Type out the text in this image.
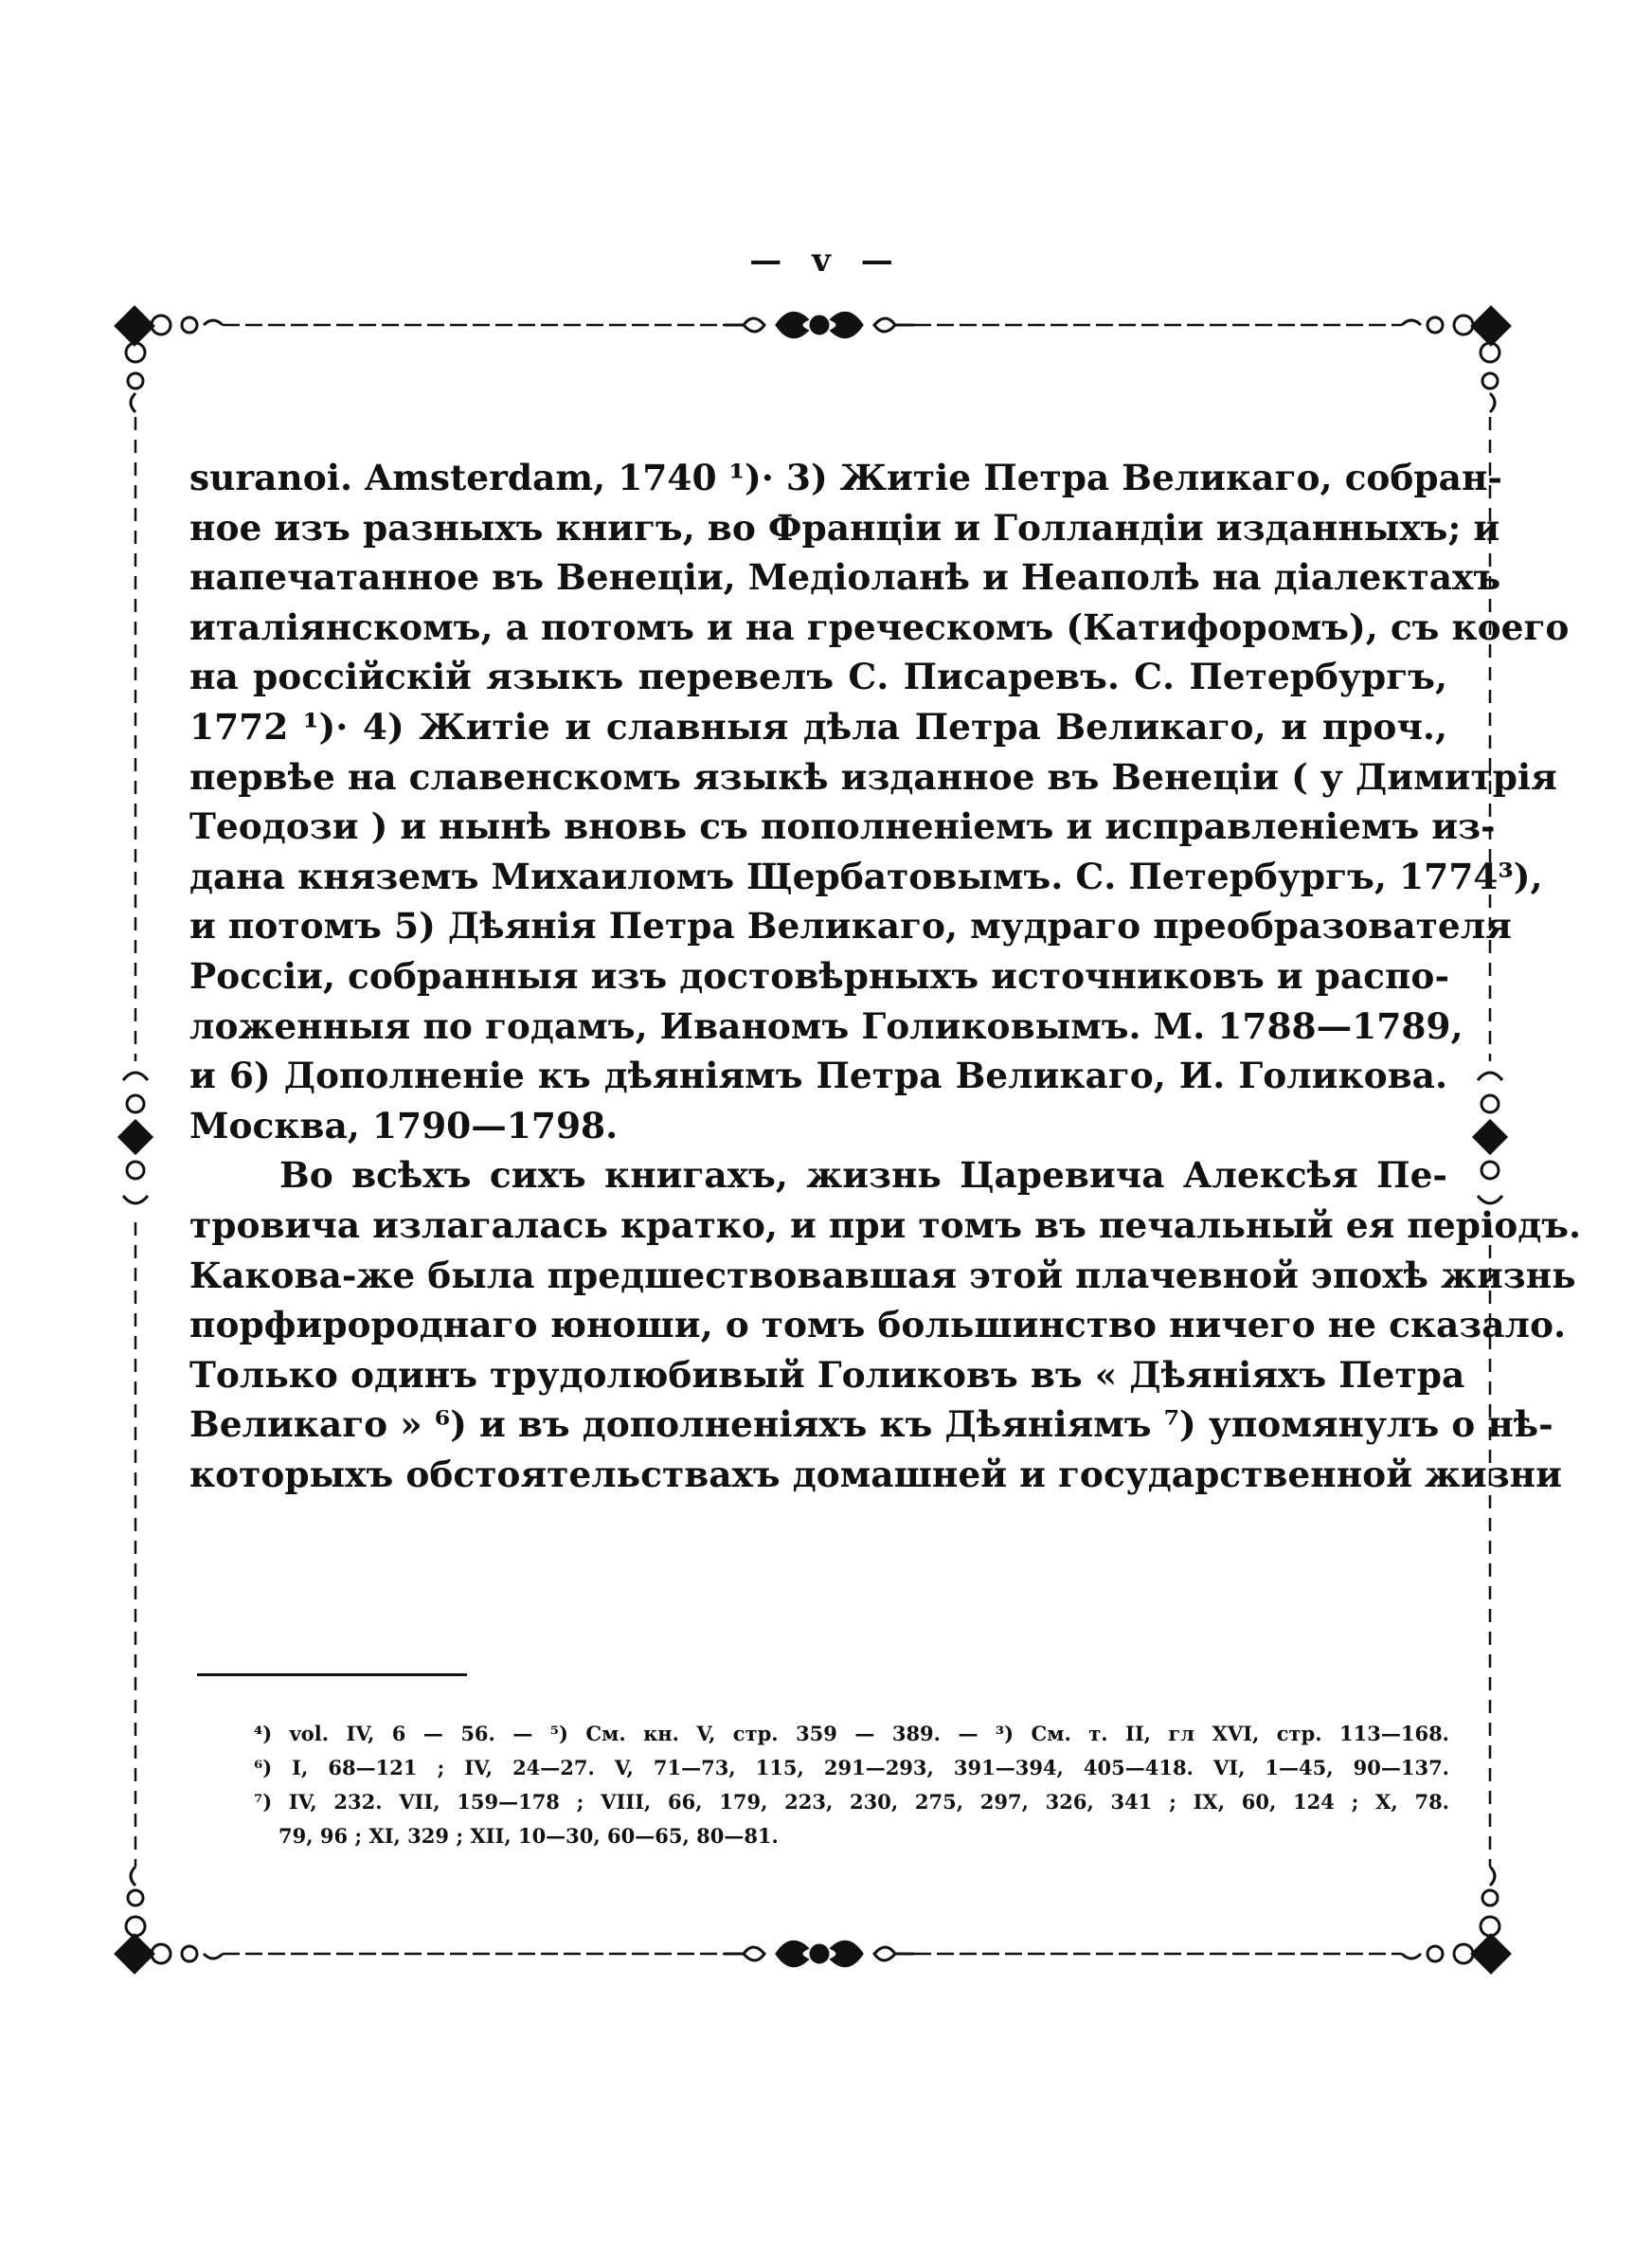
— v —

suranoi. Amsterdam, 1740 ¹)· 3) Житіе Петра Великаго, собран-
ное изъ разныхъ книгъ, во Франціи и Голландіи изданныхъ; и
напечатанное въ Венеціи, Медіоланѣ и Неаполѣ на діалектахъ
италіянскомъ, а потомъ и на греческомъ (Катифоромъ), съ коего
на россійскій языкъ перевелъ С. Писаревъ. С. Петербургъ,
1772 ¹)· 4) Житіе и славныя дѣла Петра Великаго, и проч.,
первѣе на славенскомъ языкѣ изданное въ Венеціи ( у Димитрія
Теодози ) и нынѣ вновь съ пополненіемъ и исправленіемъ из-
дана княземъ Михаиломъ Щербатовымъ. С. Петербургъ, 1774³),
и потомъ 5) Дѣянія Петра Великаго, мудраго преобразователя
Россіи, собранныя изъ достовѣрныхъ источниковъ и распо-
ложенныя по годамъ, Иваномъ Голиковымъ. М. 1788—1789,
и 6) Дополненіе къ дѣяніямъ Петра Великаго, И. Голикова.
Москва, 1790—1798.

Во всѣхъ сихъ книгахъ, жизнь Царевича Алексѣя Пе-
тровича излагалась кратко, и при томъ въ печальный ея періодъ.
Какова-же была предшествовавшая этой плачевной эпохѣ жизнь
порфиророднаго юноши, о томъ большинство ничего не сказало.
Только одинъ трудолюбивый Голиковъ въ « Дѣяніяхъ Петра
Великаго » ⁶) и въ дополненіяхъ къ Дѣяніямъ ⁷) упомянулъ о нѣ-
которыхъ обстоятельствахъ домашней и государственной жизни

⁴) vol. IV, 6 — 56. — ⁵) См. кн. V, стр. 359 — 389. — ³) См. т. II, гл XVI, стр. 113—168.
⁶) I, 68—121 ; IV, 24—27. V, 71—73, 115, 291—293, 391—394, 405—418. VI, 1—45, 90—137.
⁷) IV, 232. VII, 159—178 ; VIII, 66, 179, 223, 230, 275, 297, 326, 341 ; IX, 60, 124 ; X, 78.
79, 96 ; XI, 329 ; XII, 10—30, 60—65, 80—81.
